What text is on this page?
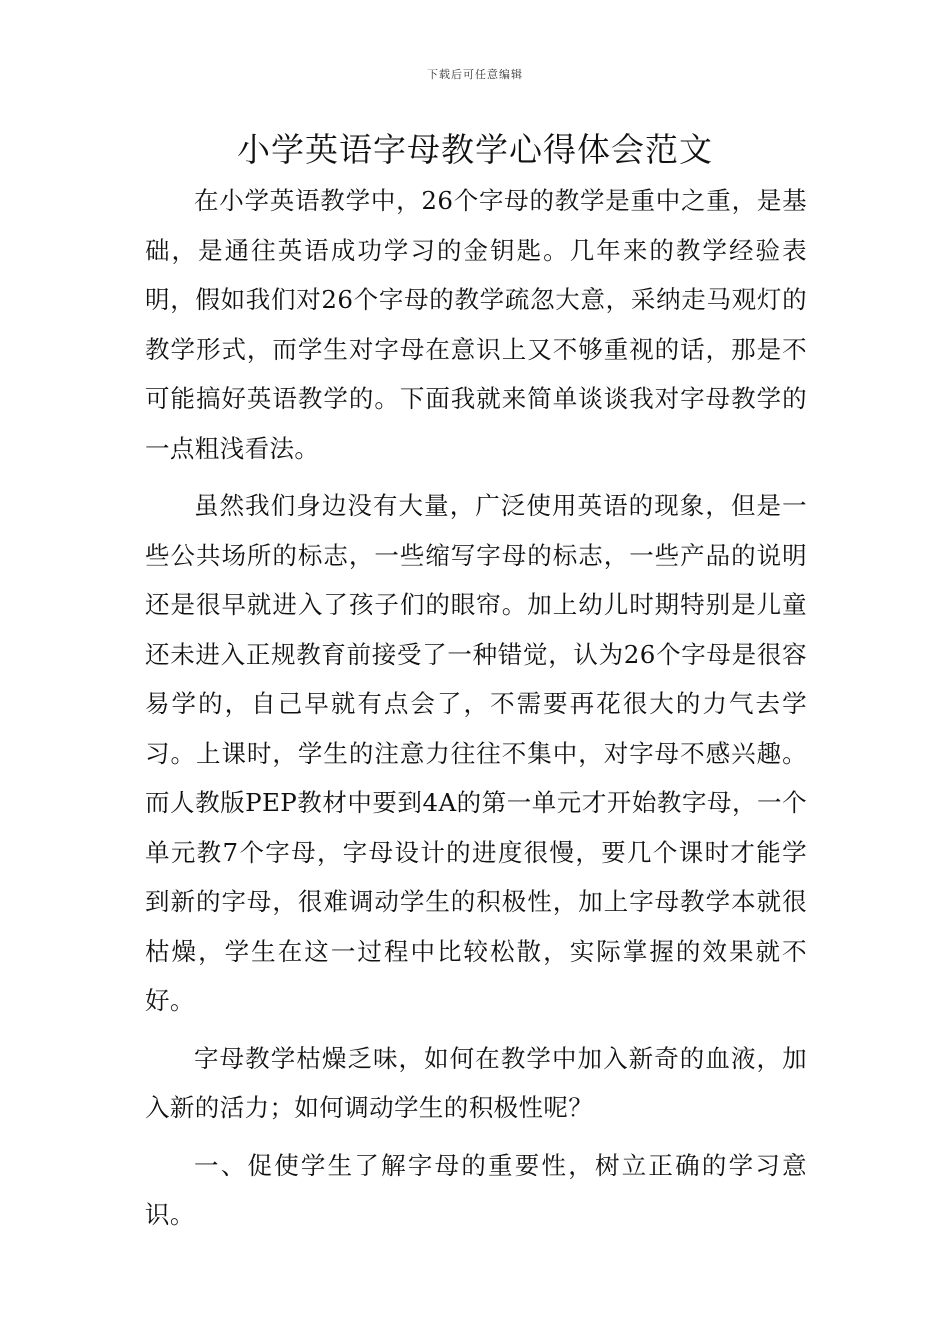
下载后可任意编辑
小学英语字母教学心得体会范文

在小学英语教学中，26个字母的教学是重中之重，是基础，是通往英语成功学习的金钥匙。几年来的教学经验表明，假如我们对26个字母的教学疏忽大意，采纳走马观灯的教学形式，而学生对字母在意识上又不够重视的话，那是不可能搞好英语教学的。下面我就来简单谈谈我对字母教学的一点粗浅看法。

虽然我们身边没有大量，广泛使用英语的现象，但是一些公共场所的标志，一些缩写字母的标志，一些产品的说明还是很早就进入了孩子们的眼帘。加上幼儿时期特别是儿童还未进入正规教育前接受了一种错觉，认为26个字母是很容易学的，自己早就有点会了，不需要再花很大的力气去学习。上课时，学生的注意力往往不集中，对字母不感兴趣。而人教版PEP教材中要到4A的第一单元才开始教字母，一个单元教7个字母，字母设计的进度很慢，要几个课时才能学到新的字母，很难调动学生的积极性，加上字母教学本就很枯燥，学生在这一过程中比较松散，实际掌握的效果就不好。

字母教学枯燥乏味，如何在教学中加入新奇的血液，加入新的活力；如何调动学生的积极性呢？

一、促使学生了解字母的重要性，树立正确的学习意识。
